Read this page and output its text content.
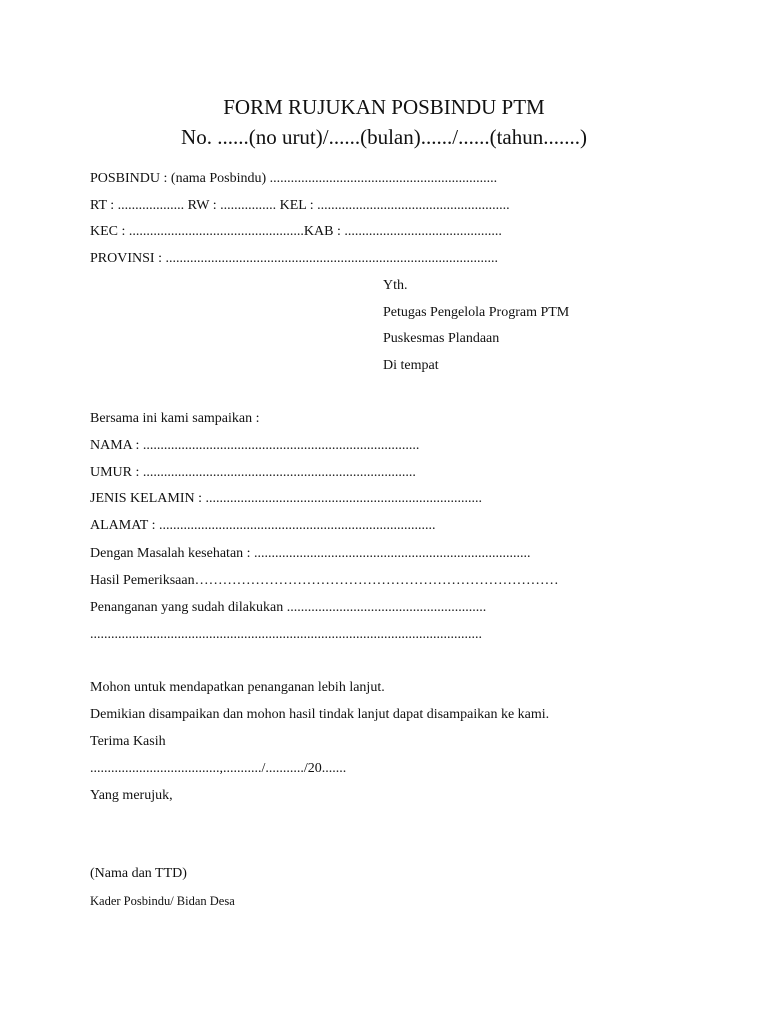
FORM RUJUKAN POSBINDU PTM
No. ......(no urut)/......(bulan)....../......(tahun.......)
POSBINDU : (nama Posbindu) .................................................................
RT : ................... RW : ................ KEL : .......................................................
KEC : ..................................................KAB : .............................................
PROVINSI : ...............................................................................................
Yth.
Petugas Pengelola Program PTM
Puskesmas Plandaan
Di tempat
Bersama ini kami sampaikan :
NAMA : ...............................................................................
UMUR : ..............................................................................
JENIS KELAMIN : ...............................................................................
ALAMAT : ...............................................................................
Dengan Masalah kesehatan : ...............................................................................
Hasil Pemeriksaan……………………………………………………………………
Penanganan yang sudah dilakukan .........................................................
................................................................................................................
Mohon untuk mendapatkan penanganan lebih lanjut.
Demikian disampaikan dan mohon hasil tindak lanjut dapat disampaikan ke kami.
Terima Kasih
.....................................,.........../.........../20.......
Yang merujuk,
(Nama dan TTD)
Kader Posbindu/ Bidan Desa
